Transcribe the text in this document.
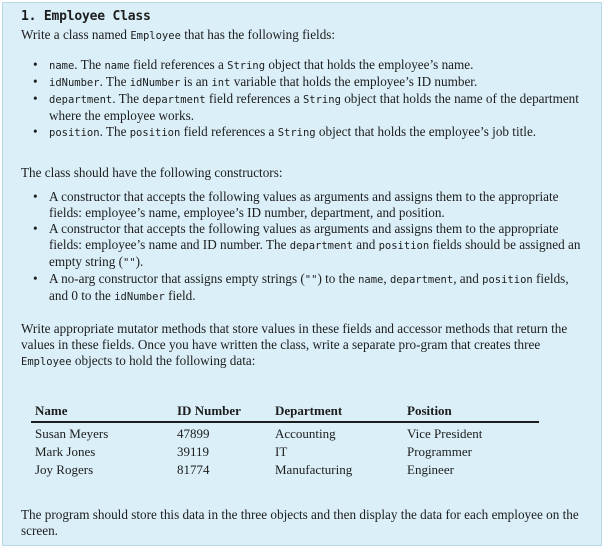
1. Employee Class

Write a class named Employee that has the following fields:

• name. The name field references a String object that holds the employee’s name.
• idNumber. The idNumber is an int variable that holds the employee’s ID number.
• department. The department field references a String object that holds the name of the department where the employee works.
• position. The position field references a String object that holds the employee’s job title.

The class should have the following constructors:

• A constructor that accepts the following values as arguments and assigns them to the appropriate fields: employee’s name, employee’s ID number, department, and position.
• A constructor that accepts the following values as arguments and assigns them to the appropriate fields: employee’s name and ID number. The department and position fields should be assigned an empty string ("").
• A no-arg constructor that assigns empty strings ("") to the name, department, and position fields, and 0 to the idNumber field.

Write appropriate mutator methods that store values in these fields and accessor methods that return the values in these fields. Once you have written the class, write a separate pro-gram that creates three Employee objects to hold the following data:

Name	ID Number	Department	Position
Susan Meyers	47899	Accounting	Vice President
Mark Jones	39119	IT	Programmer
Joy Rogers	81774	Manufacturing	Engineer

The program should store this data in the three objects and then display the data for each employee on the screen.
